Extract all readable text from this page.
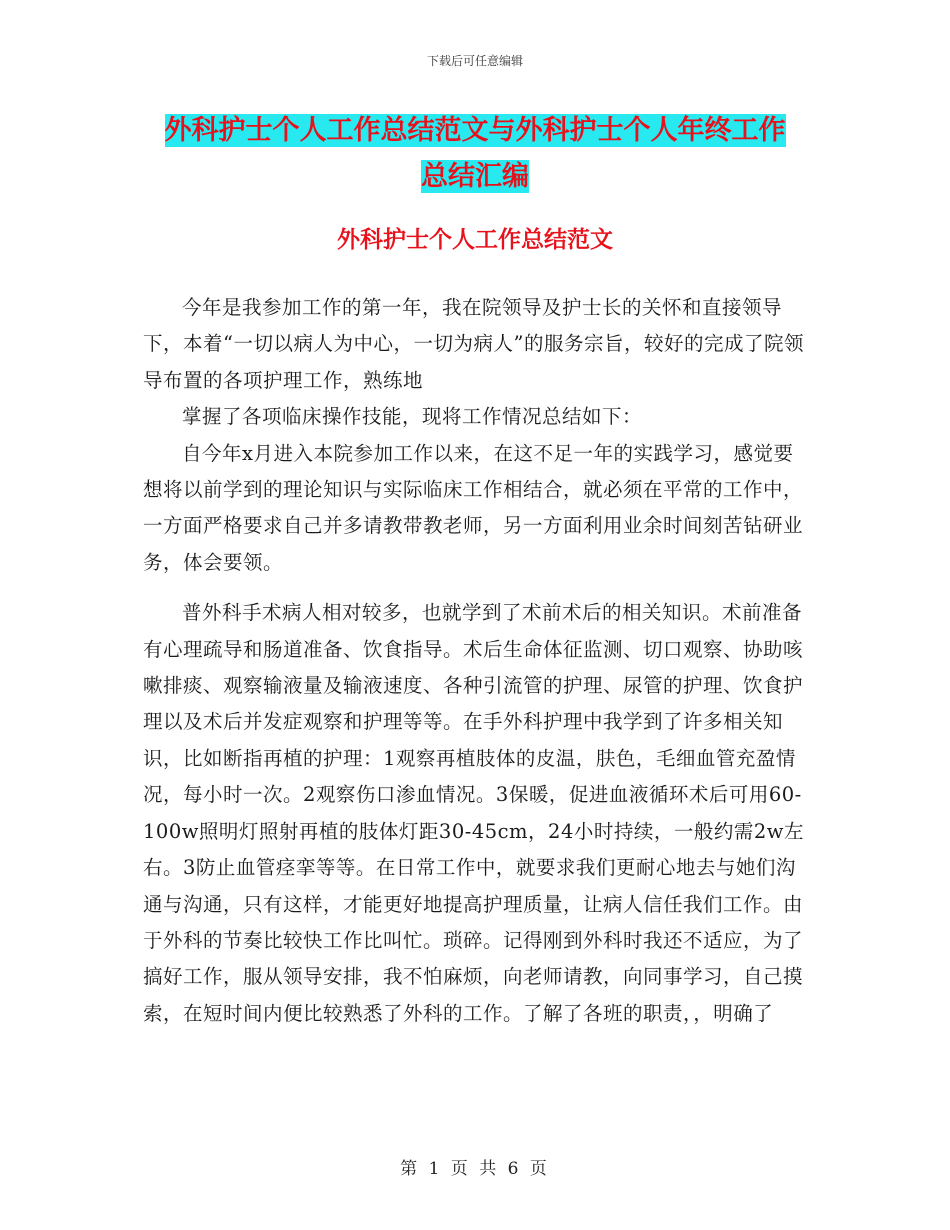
下载后可任意编辑
外科护士个人工作总结范文与外科护士个人年终工作
总结汇编
外科护士个人工作总结范文

今年是我参加工作的第一年，我在院领导及护士长的关怀和直接领导下，本着“一切以病人为中心，一切为病人”的服务宗旨，较好的完成了院领导布置的各项护理工作，熟练地

掌握了各项临床操作技能，现将工作情况总结如下：

自今年x月进入本院参加工作以来，在这不足一年的实践学习，感觉要想将以前学到的理论知识与实际临床工作相结合，就必须在平常的工作中，一方面严格要求自己并多请教带教老师，另一方面利用业余时间刻苦钻研业务，体会要领。

普外科手术病人相对较多，也就学到了术前术后的相关知识。术前准备有心理疏导和肠道准备、饮食指导。术后生命体征监测、切口观察、协助咳嗽排痰、观察输液量及输液速度、各种引流管的护理、尿管的护理、饮食护理以及术后并发症观察和护理等等。在手外科护理中我学到了许多相关知识，比如断指再植的护理：1观察再植肢体的皮温，肤色，毛细血管充盈情况，每小时一次。2观察伤口渗血情况。3保暖，促进血液循环术后可用60-100w照明灯照射再植的肢体灯距30-45cm，24小时持续，一般约需2w左右。3防止血管痉挛等等。在日常工作中，就要求我们更耐心地去与她们沟通与沟通，只有这样，才能更好地提高护理质量，让病人信任我们工作。由于外科的节奏比较快工作比叫忙。琐碎。记得刚到外科时我还不适应，为了搞好工作，服从领导安排，我不怕麻烦，向老师请教，向同事学习，自己摸索，在短时间内便比较熟悉了外科的工作。了解了各班的职责，，明确了

第 1 页 共 6 页
